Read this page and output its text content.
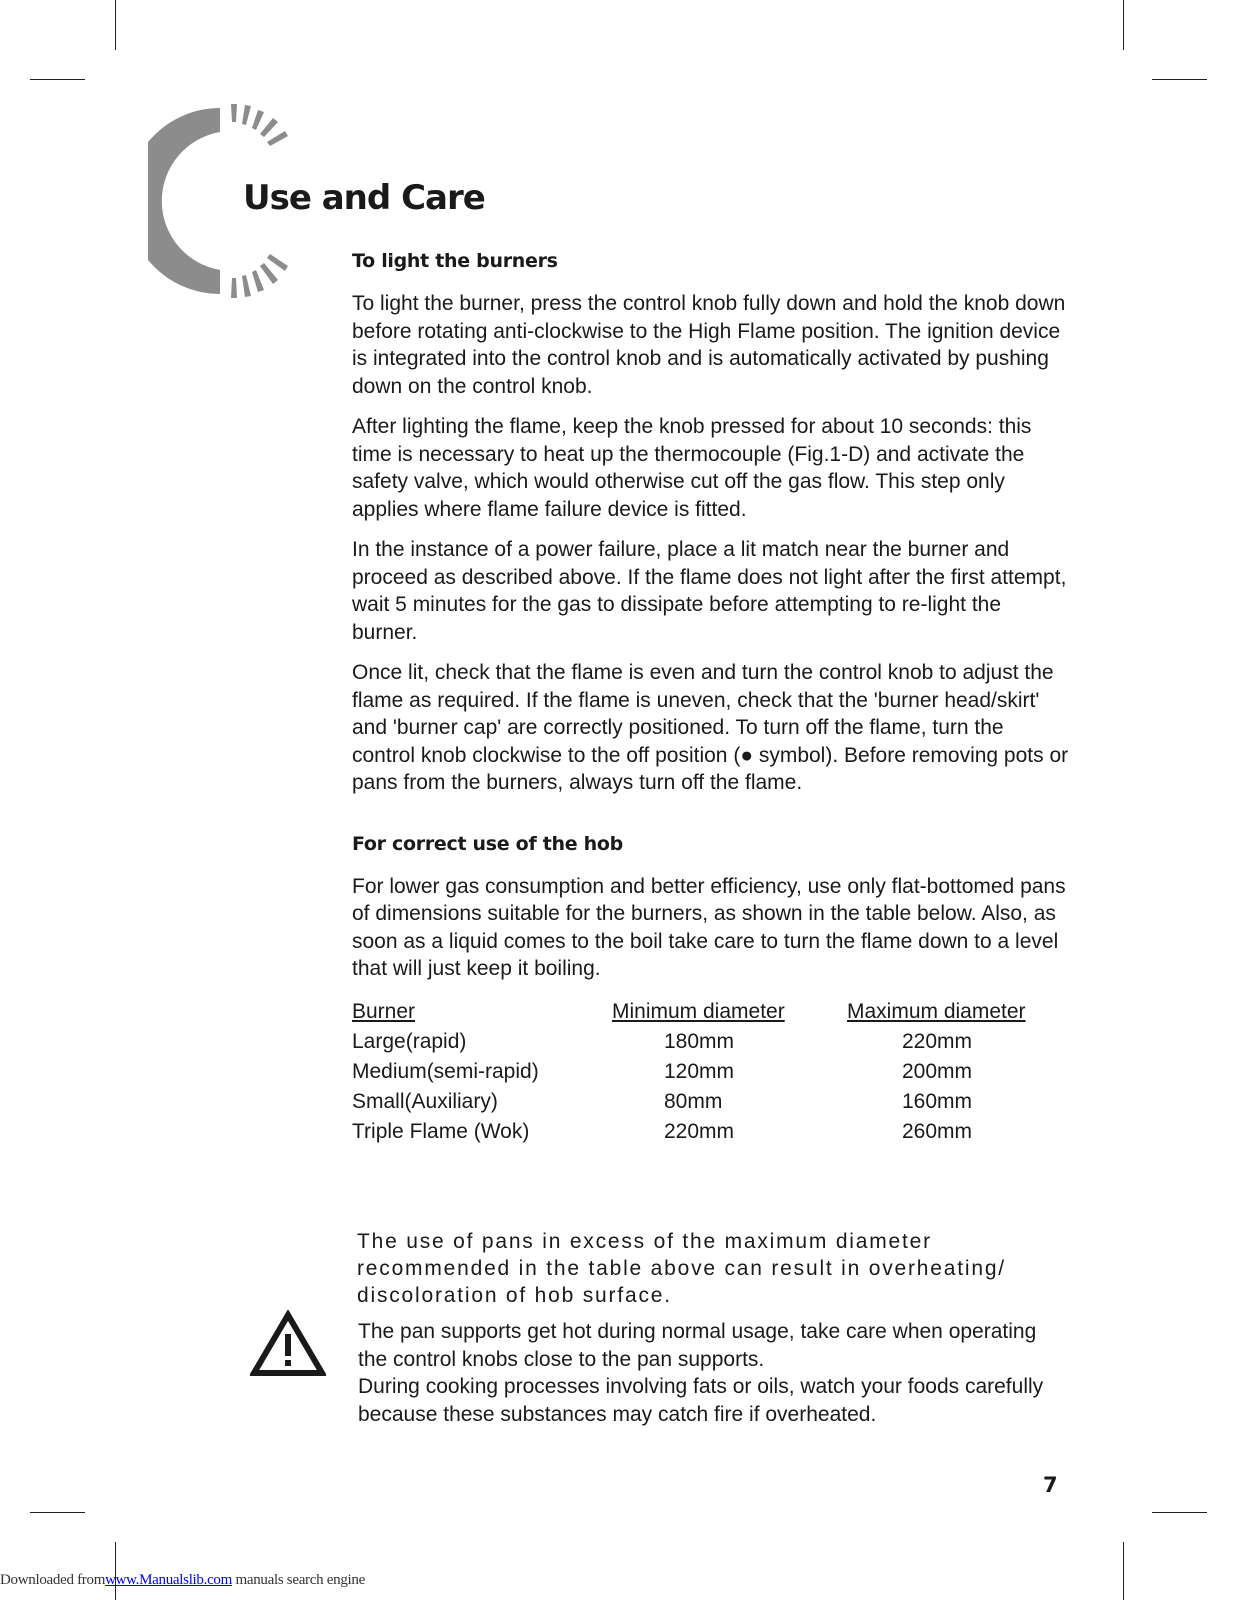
Use and Care
To light the burners

To light the burner, press the control knob fully down and hold the knob down before rotating anti-clockwise to the High Flame position. The ignition device is integrated into the control knob and is automatically activated by pushing down on the control knob.

After lighting the flame, keep the knob pressed for about 10 seconds: this time is necessary to heat up the thermocouple (Fig.1-D) and activate the safety valve, which would otherwise cut off the gas flow. This step only applies where flame failure device is fitted.

In the instance of a power failure, place a lit match near the burner and proceed as described above. If the flame does not light after the first attempt, wait 5 minutes for the gas to dissipate before attempting to re-light the burner.

Once lit, check that the flame is even and turn the control knob to adjust the flame as required. If the flame is uneven, check that the 'burner head/skirt' and 'burner cap' are correctly positioned. To turn off the flame, turn the control knob clockwise to the off position (● symbol). Before removing pots or pans from the burners, always turn off the flame.

For correct use of the hob

For lower gas consumption and better efficiency, use only flat-bottomed pans of dimensions suitable for the burners, as shown in the table below. Also, as soon as a liquid comes to the boil take care to turn the flame down to a level that will just keep it boiling.

Burner	Minimum diameter	Maximum diameter
Large(rapid)	180mm	220mm
Medium(semi-rapid)	120mm	200mm
Small(Auxiliary)	80mm	160mm
Triple Flame (Wok)	220mm	260mm

The use of pans in excess of the maximum diameter recommended in the table above can result in overheating/ discoloration of hob surface.

The pan supports get hot during normal usage, take care when operating the control knobs close to the pan supports.
During cooking processes involving fats or oils, watch your foods carefully because these substances may catch fire if overheated.
7
Downloaded fromwww.Manualslib.com manuals search engine
